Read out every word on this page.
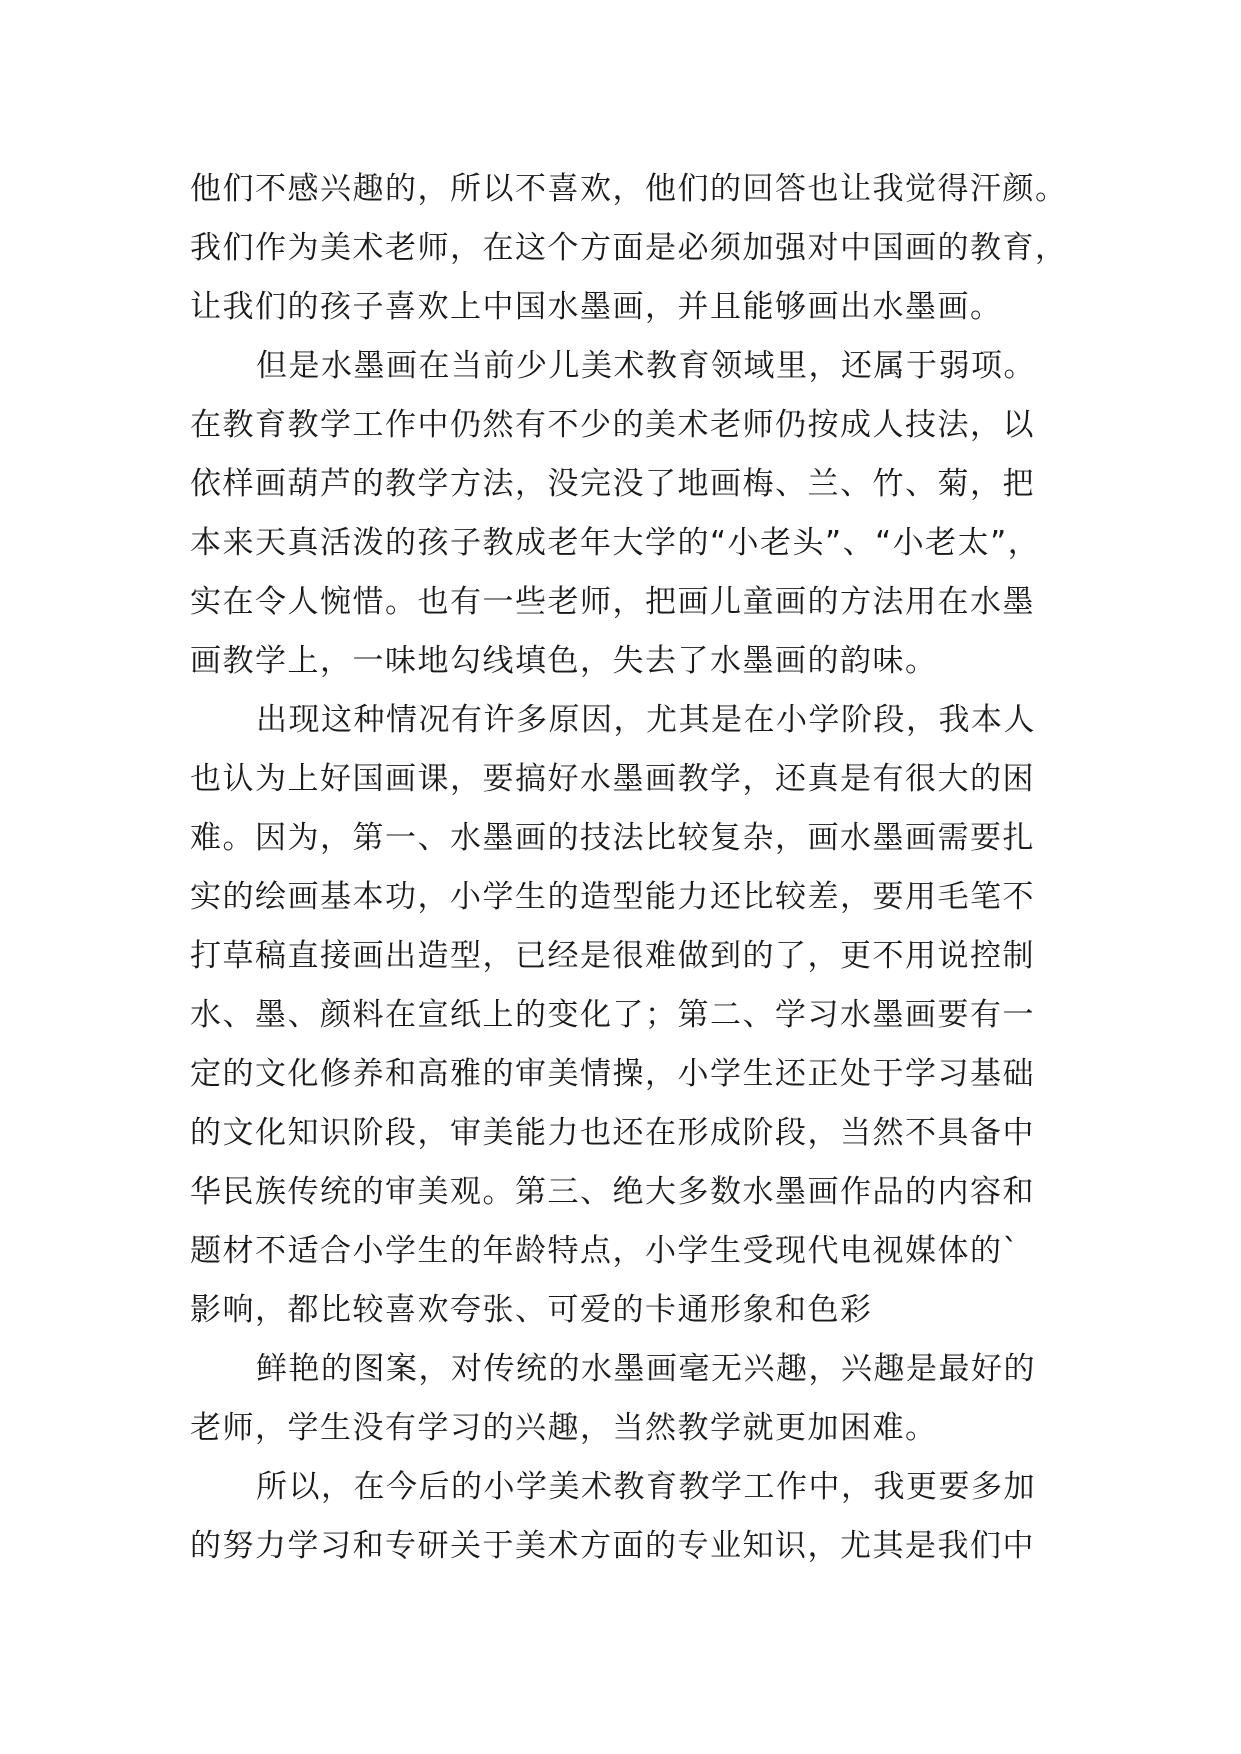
他们不感兴趣的，所以不喜欢，他们的回答也让我觉得汗颜。
我们作为美术老师，在这个方面是必须加强对中国画的教育，
让我们的孩子喜欢上中国水墨画，并且能够画出水墨画。
但是水墨画在当前少儿美术教育领域里，还属于弱项。
在教育教学工作中仍然有不少的美术老师仍按成人技法，以
依样画葫芦的教学方法，没完没了地画梅、兰、竹、菊，把
本来天真活泼的孩子教成老年大学的“小老头”、“小老太”，
实在令人惋惜。也有一些老师，把画儿童画的方法用在水墨
画教学上，一味地勾线填色，失去了水墨画的韵味。
出现这种情况有许多原因，尤其是在小学阶段，我本人
也认为上好国画课，要搞好水墨画教学，还真是有很大的困
难。因为，第一、水墨画的技法比较复杂，画水墨画需要扎
实的绘画基本功，小学生的造型能力还比较差，要用毛笔不
打草稿直接画出造型，已经是很难做到的了，更不用说控制
水、墨、颜料在宣纸上的变化了；第二、学习水墨画要有一
定的文化修养和高雅的审美情操，小学生还正处于学习基础
的文化知识阶段，审美能力也还在形成阶段，当然不具备中
华民族传统的审美观。第三、绝大多数水墨画作品的内容和
题材不适合小学生的年龄特点，小学生受现代电视媒体的`
影响，都比较喜欢夸张、可爱的卡通形象和色彩
鲜艳的图案，对传统的水墨画毫无兴趣，兴趣是最好的
老师，学生没有学习的兴趣，当然教学就更加困难。
所以，在今后的小学美术教育教学工作中，我更要多加
的努力学习和专研关于美术方面的专业知识，尤其是我们中
